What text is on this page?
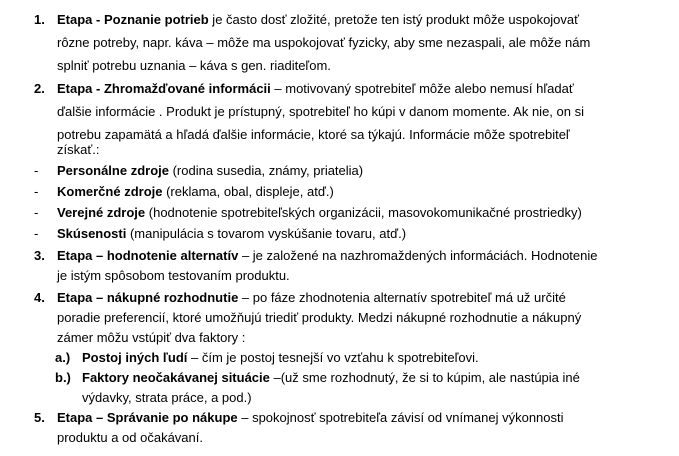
1. Etapa - Poznanie potrieb je často dosť zložité, pretože ten istý produkt môže uspokojovať
rôzne potreby, napr. káva – môže ma uspokojovať fyzicky, aby sme nezaspali, ale môže nám
splniť potrebu uznania – káva s gen. riaditeľom.
2. Etapa - Zhromažďované informácii – motivovaný spotrebiteľ môže alebo nemusí hľadať
ďalšie informácie . Produkt je prístupný, spotrebiteľ ho kúpi v danom momente. Ak nie, on si
potrebu zapamätá a hľadá ďalšie informácie, ktoré sa týkajú. Informácie môže spotrebiteľ
získať.:
- Personálne zdroje (rodina susedia, známy, priatelia)
- Komerčné zdroje (reklama, obal, displeje, atď.)
- Verejné zdroje (hodnotenie spotrebiteľských organizácii, masovokomunikačné prostriedky)
- Skúsenosti (manipulácia s tovarom vyskúšanie tovaru, atď.)
3. Etapa – hodnotenie alternatív – je založené na nazhromaždených informáciách. Hodnotenie
je istým spôsobom testovaním produktu.
4. Etapa – nákupné rozhodnutie – po fáze zhodnotenia alternatív spotrebiteľ má už určité
poradie preferencií, ktoré umožňujú triediť produkty. Medzi nákupné rozhodnutie a nákupný
zámer môžu vstúpiť dva faktory :
a.) Postoj iných ľudí – čím je postoj tesnejší vo vzťahu k spotrebiteľovi.
b.) Faktory neočakávanej situácie –(už sme rozhodnutý, že si to kúpim, ale nastúpia iné
výdavky, strata práce, a pod.)
5. Etapa – Správanie po nákupe – spokojnosť spotrebiteľa závisí od vnímanej výkonnosti
produktu a od očakávaní.
